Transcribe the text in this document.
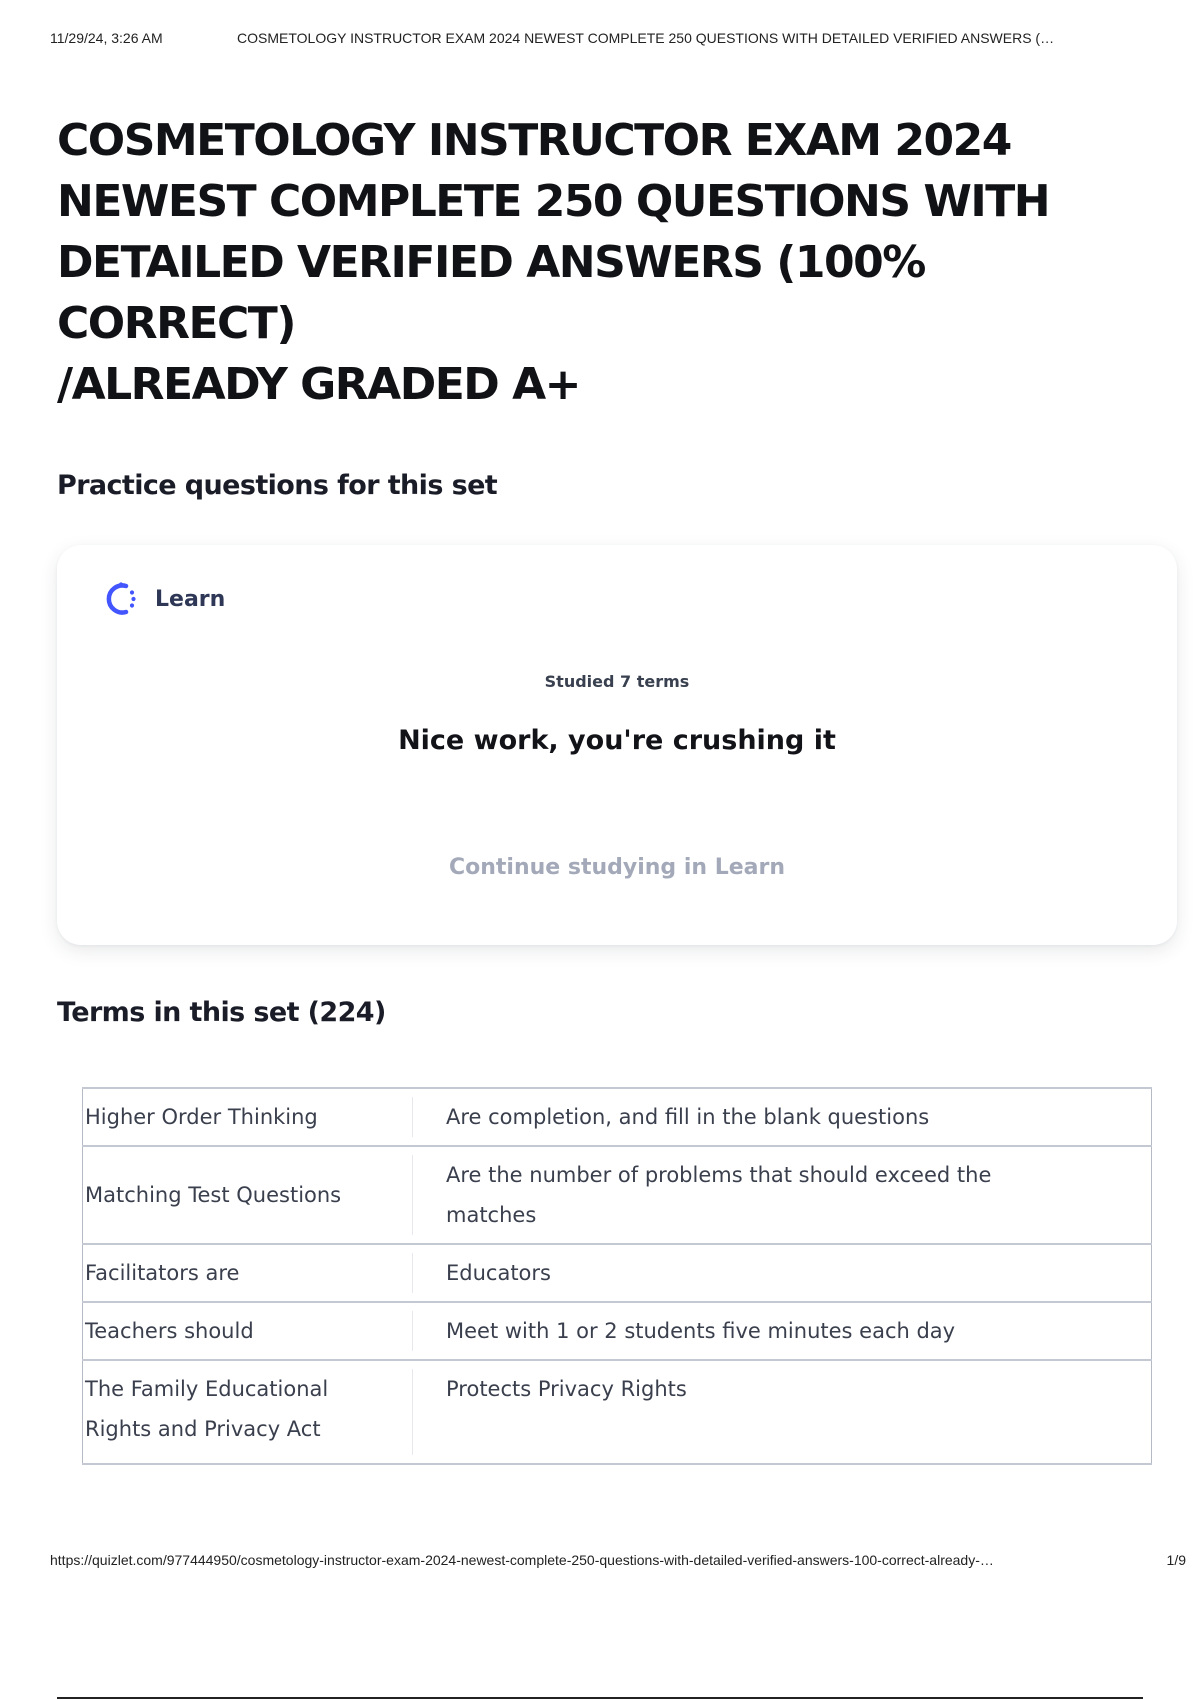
11/29/24, 3:26 AM	COSMETOLOGY INSTRUCTOR EXAM 2024 NEWEST COMPLETE 250 QUESTIONS WITH DETAILED VERIFIED ANSWERS (…
COSMETOLOGY INSTRUCTOR EXAM 2024
NEWEST COMPLETE 250 QUESTIONS WITH
DETAILED VERIFIED ANSWERS (100% CORRECT)
/ALREADY GRADED A+
Practice questions for this set
Learn
Studied 7 terms
Nice work, you're crushing it
Continue studying in Learn
Terms in this set (224)
Higher Order Thinking	Are completion, and fill in the blank questions
Matching Test Questions	Are the number of problems that should exceed the
matches
Facilitators are	Educators
Teachers should	Meet with 1 or 2 students five minutes each day
The Family Educational
Rights and Privacy Act	Protects Privacy Rights
https://quizlet.com/977444950/cosmetology-instructor-exam-2024-newest-complete-250-questions-with-detailed-verified-answers-100-correct-already-…	1/9
